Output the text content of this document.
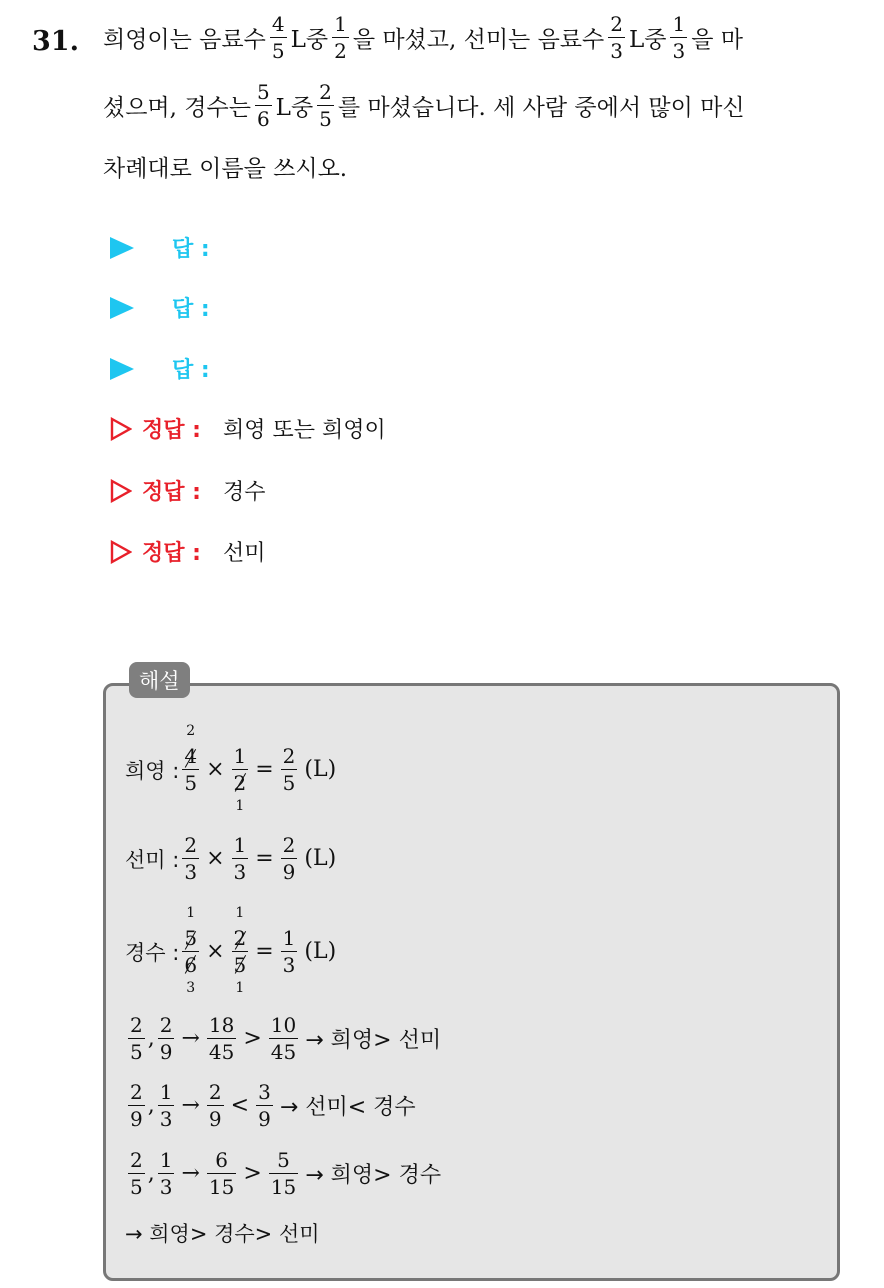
31. 희영이는 음료수 $\frac{4}{5}$ L중 $\frac{1}{2}$ 을 마셨고, 선미는 음료수 $\frac{2}{3}$ L중 $\frac{1}{3}$ 을 마
셨으며, 경수는 $\frac{5}{6}$ L중 $\frac{2}{5}$ 를 마셨습니다. 세 사람 중에서 많이 마신
차례대로 이름을 쓰시오.
답 :
답 :
답 :
정답 : 희영 또는 희영이
정답 : 경수
정답 : 선미
해설
희영 :
2
4
5
×
1
2
1
= $\frac{2}{5} (L)$
선미 : $\frac{2}{3} \times \frac{1}{3} = \frac{2}{9} (L)$
경수 :
1
5
6
3
×
1
2
5
1
= $\frac{1}{3} (L)$
$\frac{2}{5}$ , $\frac{2}{9} \to \frac{18}{45} > \frac{10}{45}$ → 희영> 선미
$\frac{2}{9}$ , $\frac{1}{3} \to \frac{2}{9} < \frac{3}{9}$ → 선미< 경수
$\frac{2}{5}$ , $\frac{1}{3} \to \frac{6}{15} > \frac{5}{15}$ → 희영> 경수
→ 희영> 경수> 선미
